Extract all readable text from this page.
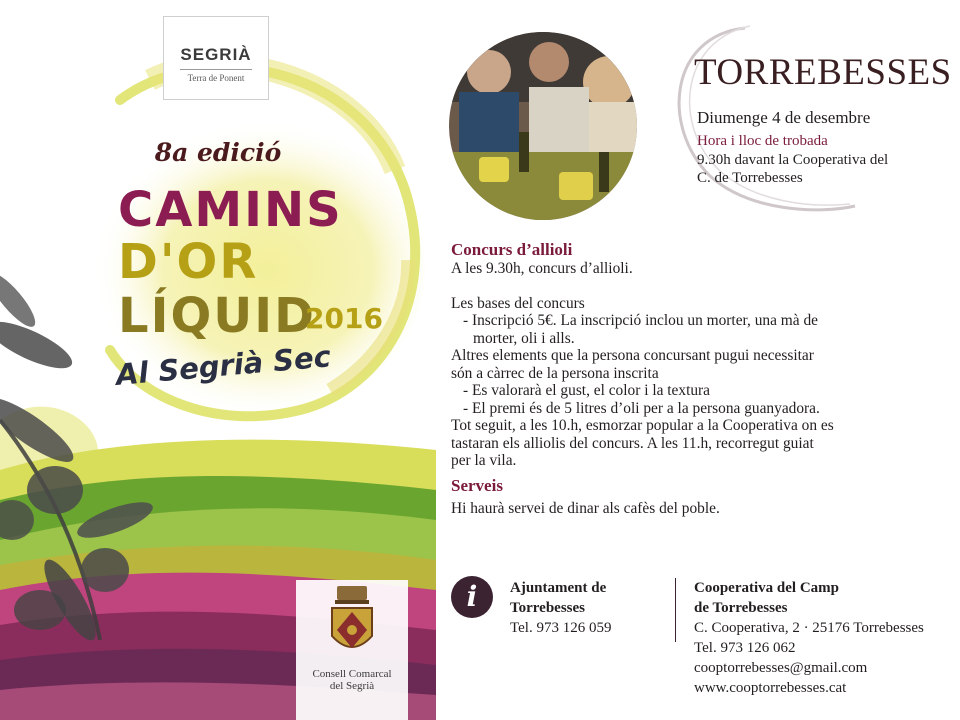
SEGRIÀ
Terra de Ponent
8a edició
CAMINS
D'OR
LÍQUID
2016
Al Segrià Sec
Consell Comarcal
del Segrià
TORREBESSES
Diumenge 4 de desembre
Hora i lloc de trobada
9.30h davant la Cooperativa del
C. de Torrebesses
Concurs d’allioli
A les 9.30h, concurs d’allioli.
Les bases del concurs
- Inscripció 5€. La inscripció inclou un morter, una mà de
morter, oli i alls.
Altres elements que la persona concursant pugui necessitar
són a càrrec de la persona inscrita
- Es valorarà el gust, el color i la textura
- El premi és de 5 litres d’oli per a la persona guanyadora.
Tot seguit, a les 10.h, esmorzar popular a la Cooperativa on es
tastaran els alliolis del concurs. A les 11.h, recorregut guiat
per la vila.
Serveis
Hi haurà servei de dinar als cafès del poble.
i	Ajuntament de
Torrebesses
Tel. 973 126 059
Cooperativa del Camp
de Torrebesses
C. Cooperativa, 2 · 25176 Torrebesses
Tel. 973 126 062
cooptorrebesses@gmail.com
www.cooptorrebesses.cat
